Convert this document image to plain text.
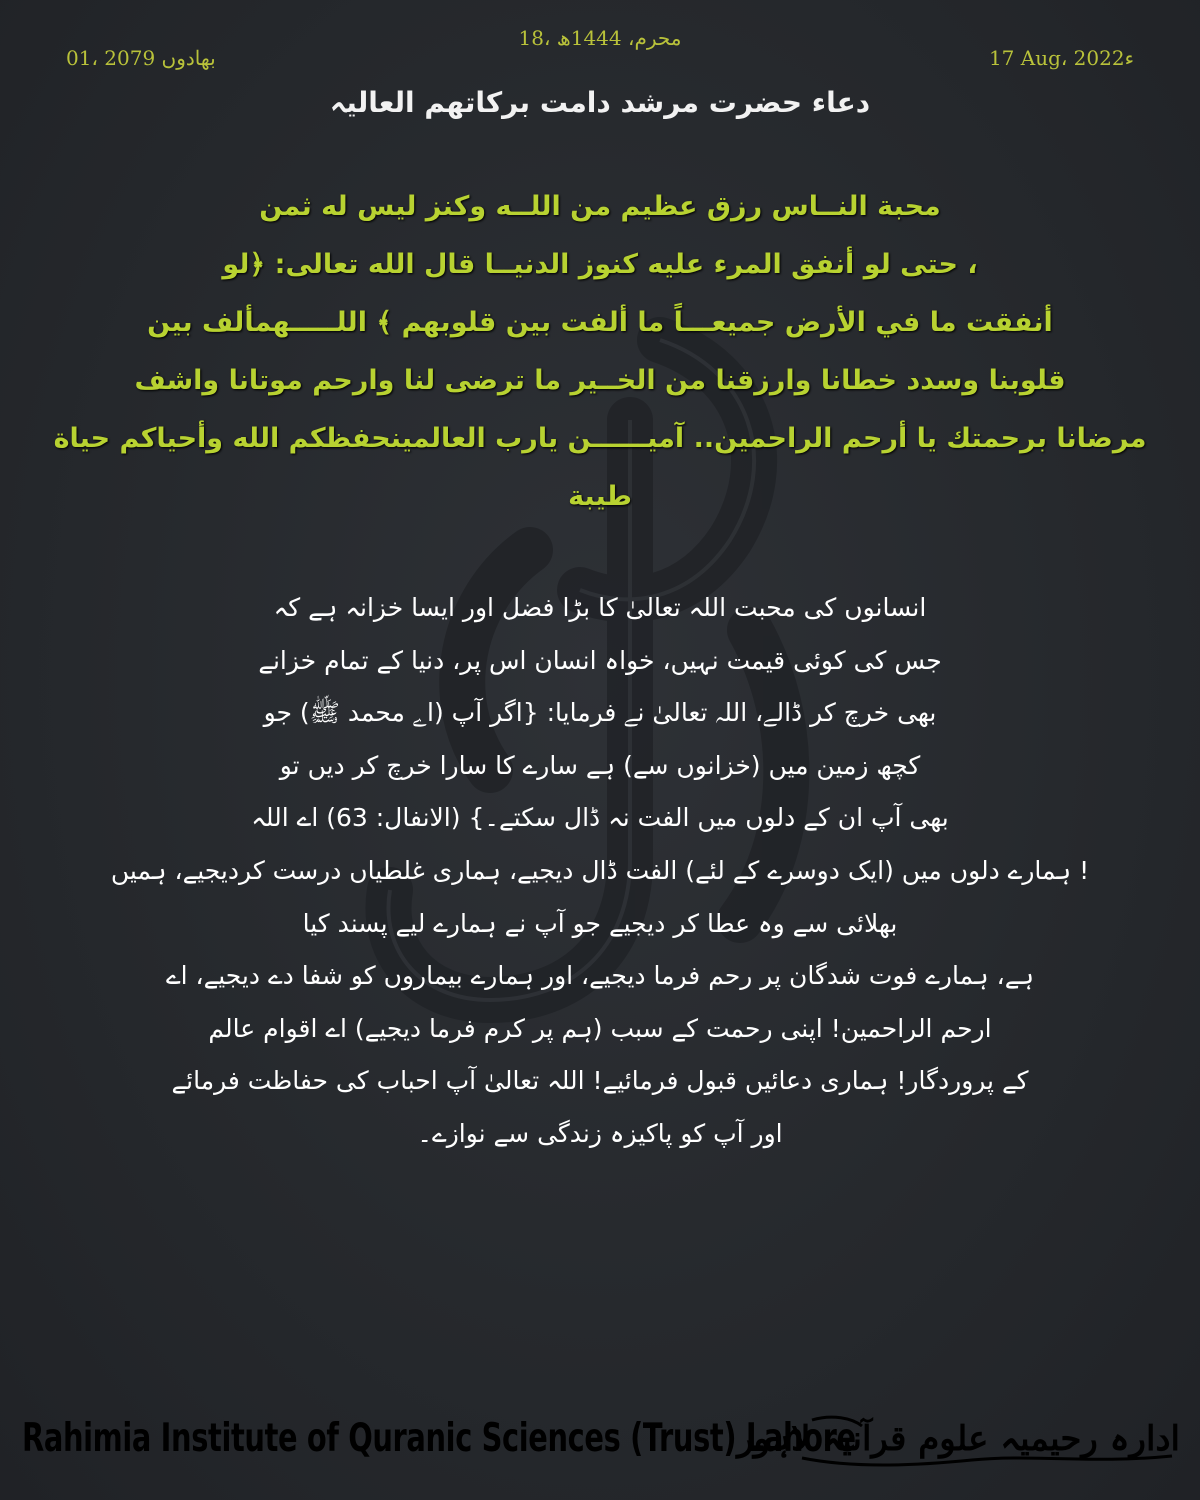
18، محرم، 1444ھ
01، بھادوں 2079	17 Aug، 2022ء
دعاء حضرت مرشد دامت برکاتھم العالیہ
محبة النــاس رزق عظيم من اللــه وكنز ليس له ثمن
، حتى لو أنفق المرء عليه كنوز الدنيــا قال الله تعالى: ﴿لو
أنفقت ما في الأرض جميعـــاً ما ألفت بين قلوبهم ﴾ اللـــــهمألف بين
قلوبنا وسدد خطانا وارزقنا من الخــير ما ترضى لنا وارحم موتانا واشف
مرضانا برحمتك يا أرحم الراحمين.. آميــــــن يارب العالمينحفظكم الله وأحياكم حياة
طيبة
انسانوں کی محبت اللہ تعالیٰ کا بڑا فضل اور ایسا خزانہ ہے کہ
جس کی کوئی قیمت نہیں، خواہ انسان اس پر، دنیا کے تمام خزانے
بھی خرچ کر ڈالے، اللہ تعالیٰ نے فرمایا: {اگر آپ (اے محمد ﷺ) جو
کچھ زمین میں (خزانوں سے) ہے سارے کا سارا خرچ کر دیں تو
بھی آپ ان کے دلوں میں الفت نہ ڈال سکتے۔} (الانفال: 63) اے اللہ
! ہمارے دلوں میں (ایک دوسرے کے لئے) الفت ڈال دیجیے، ہماری غلطیاں درست کردیجیے، ہمیں
بھلائی سے وہ عطا کر دیجیے جو آپ نے ہمارے لیے پسند کیا
ہے، ہمارے فوت شدگان پر رحم فرما دیجیے، اور ہمارے بیماروں کو شفا دے دیجیے، اے
ارحم الراحمین! اپنی رحمت کے سبب (ہم پر کرم فرما دیجیے) اے اقوام عالم
کے پروردگار! ہماری دعائیں قبول فرمائیے! اللہ تعالیٰ آپ احباب کی حفاظت فرمائے
اور آپ کو پاکیزہ زندگی سے نوازے۔
Rahimia Institute of Quranic Sciences (Trust) Lahore
ادارہ رحیمیہ علوم قرآنیہ لاہور
